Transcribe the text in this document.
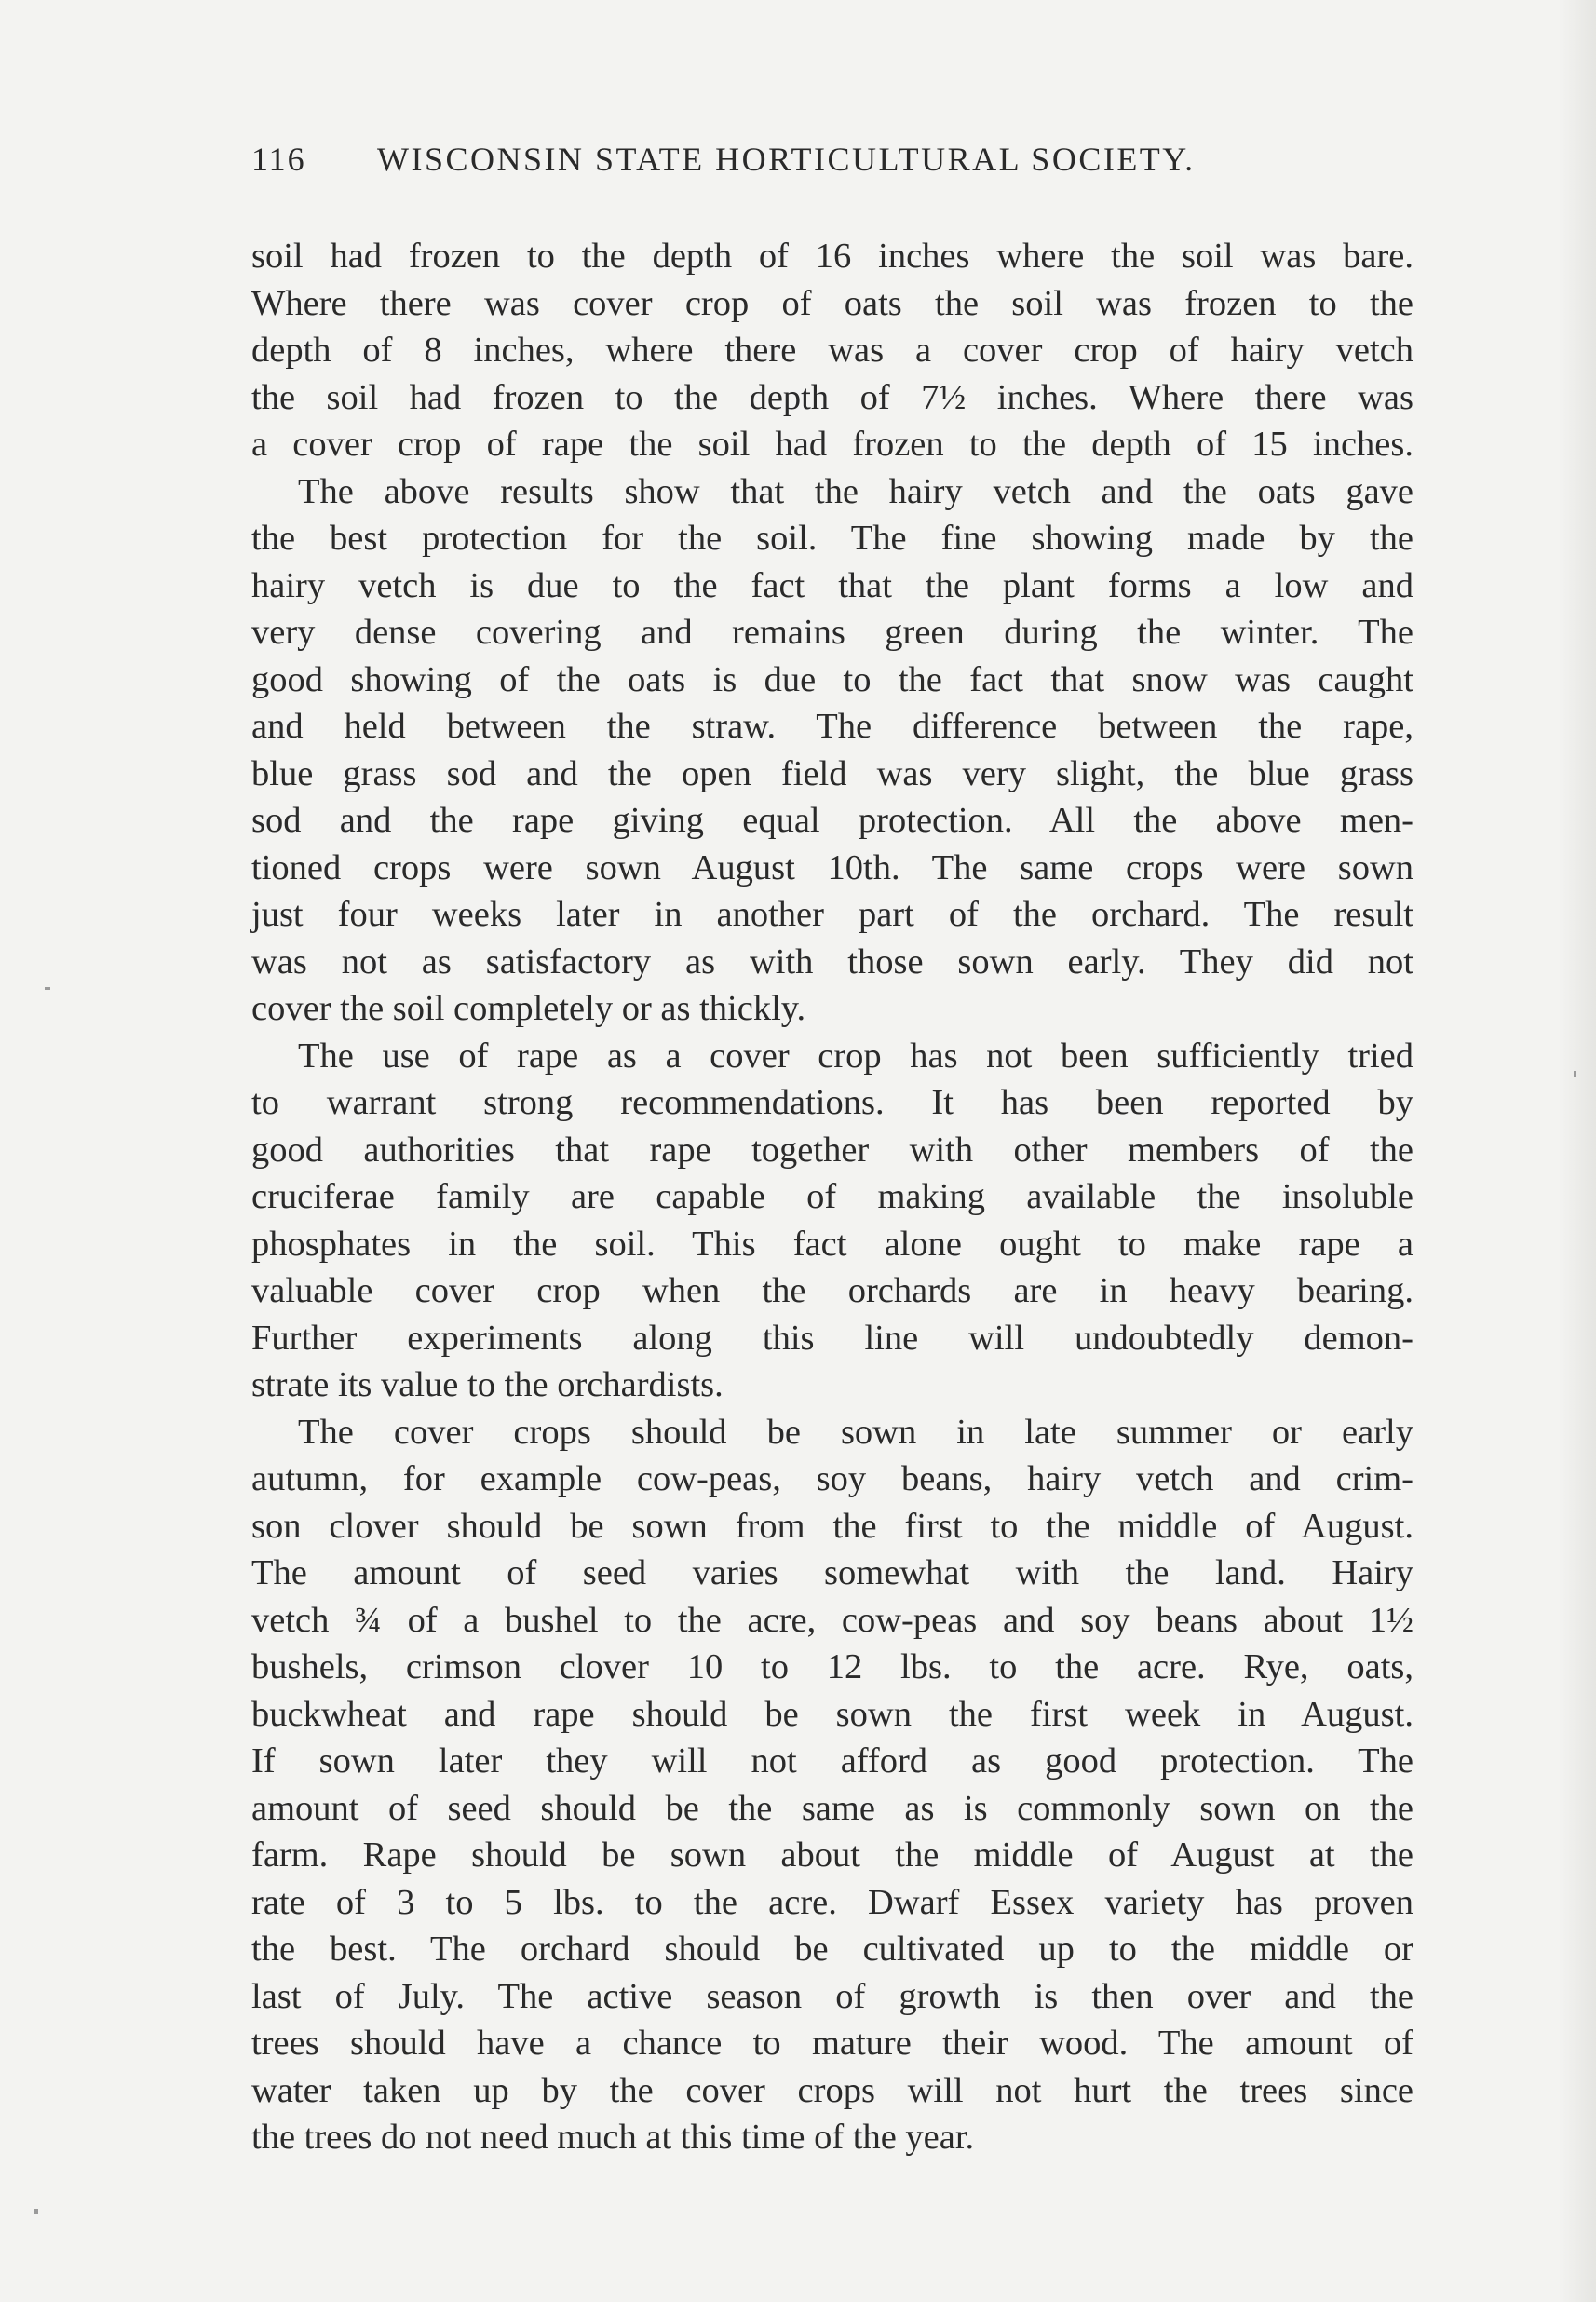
116 WISCONSIN STATE HORTICULTURAL SOCIETY.
soil had frozen to the depth of 16 inches where the soil was bare.
Where there was cover crop of oats the soil was frozen to the
depth of 8 inches, where there was a cover crop of hairy vetch
the soil had frozen to the depth of 7½ inches. Where there was
a cover crop of rape the soil had frozen to the depth of 15 inches.
The above results show that the hairy vetch and the oats gave
the best protection for the soil. The fine showing made by the
hairy vetch is due to the fact that the plant forms a low and
very dense covering and remains green during the winter. The
good showing of the oats is due to the fact that snow was caught
and held between the straw. The difference between the rape,
blue grass sod and the open field was very slight, the blue grass
sod and the rape giving equal protection. All the above men-
tioned crops were sown August 10th. The same crops were sown
just four weeks later in another part of the orchard. The result
was not as satisfactory as with those sown early. They did not
cover the soil completely or as thickly.
The use of rape as a cover crop has not been sufficiently tried
to warrant strong recommendations. It has been reported by
good authorities that rape together with other members of the
cruciferae family are capable of making available the insoluble
phosphates in the soil. This fact alone ought to make rape a
valuable cover crop when the orchards are in heavy bearing.
Further experiments along this line will undoubtedly demon-
strate its value to the orchardists.
The cover crops should be sown in late summer or early
autumn, for example cow-peas, soy beans, hairy vetch and crim-
son clover should be sown from the first to the middle of August.
The amount of seed varies somewhat with the land. Hairy
vetch ¾ of a bushel to the acre, cow-peas and soy beans about 1½
bushels, crimson clover 10 to 12 lbs. to the acre. Rye, oats,
buckwheat and rape should be sown the first week in August.
If sown later they will not afford as good protection. The
amount of seed should be the same as is commonly sown on the
farm. Rape should be sown about the middle of August at the
rate of 3 to 5 lbs. to the acre. Dwarf Essex variety has proven
the best. The orchard should be cultivated up to the middle or
last of July. The active season of growth is then over and the
trees should have a chance to mature their wood. The amount of
water taken up by the cover crops will not hurt the trees since
the trees do not need much at this time of the year.
